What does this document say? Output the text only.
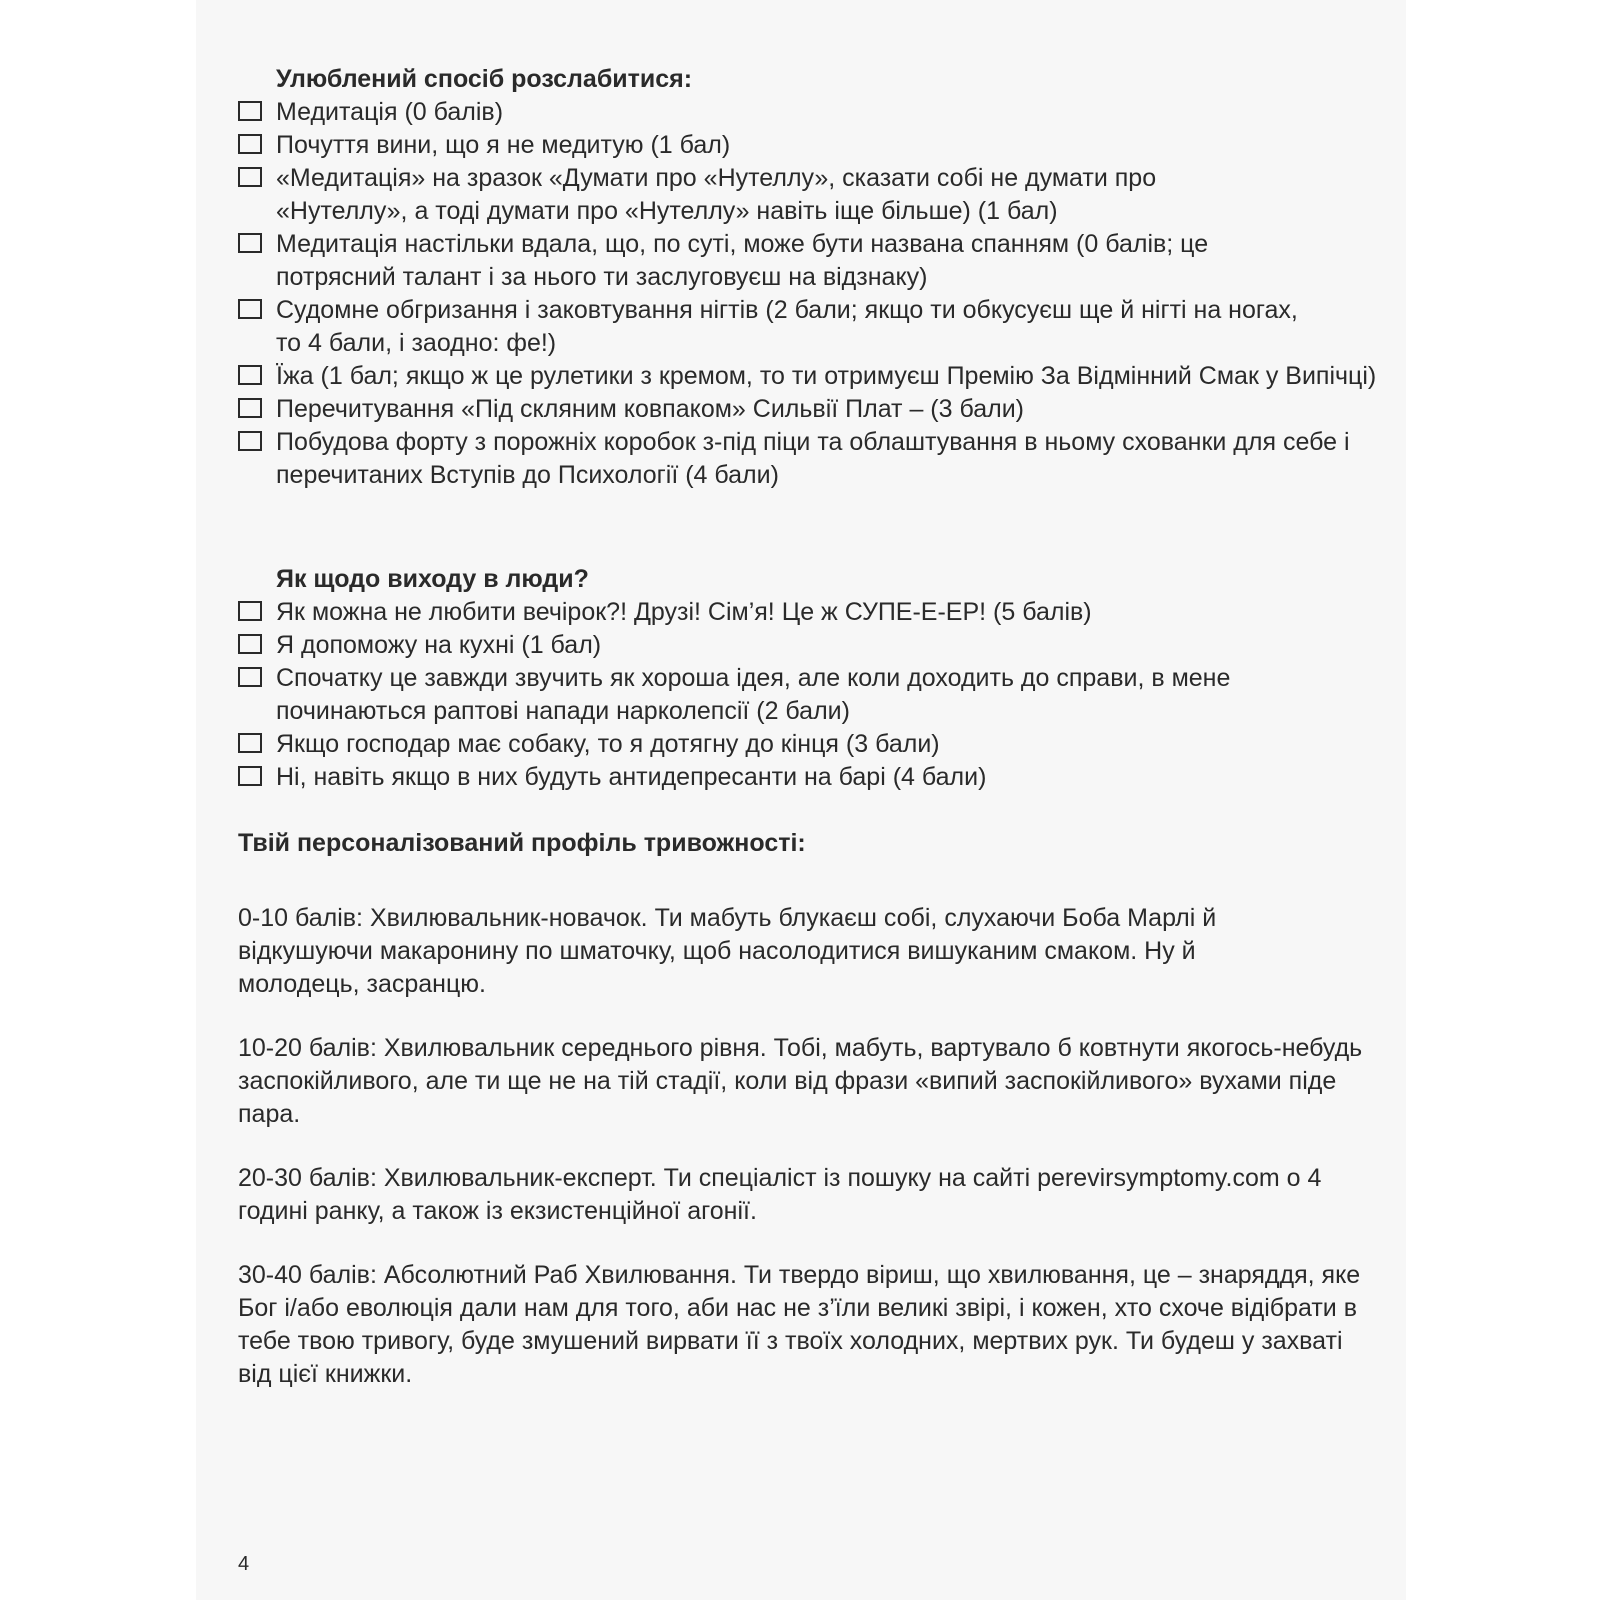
Улюблений спосіб розслабитися:

Медитація (0 балів)
Почуття вини, що я не медитую (1 бал)
«Медитація» на зразок «Думати про «Нутеллу», сказати собі не думати про «Нутеллу», а тоді думати про «Нутеллу» навіть іще більше) (1 бал)
Медитація настільки вдала, що, по суті, може бути названа спанням (0 балів; це потрясний талант і за нього ти заслуговуєш на відзнаку)
Судомне обгризання і заковтування нігтів (2 бали; якщо ти обкусуєш ще й нігті на ногах, то 4 бали, і заодно: фе!)
Їжа (1 бал; якщо ж це рулетики з кремом, то ти отримуєш Премію За Відмінний Смак у Випічці)
Перечитування «Під скляним ковпаком» Сильвії Плат – (3 бали)
Побудова форту з порожніх коробок з-під піци та облаштування в ньому схованки для себе і перечитаних Вступів до Психології (4 бали)

Як щодо виходу в люди?

Як можна не любити вечірок?! Друзі! Сім’я! Це ж СУПЕ-Е-ЕР! (5 балів)
Я допоможу на кухні (1 бал)
Спочатку це завжди звучить як хороша ідея, але коли доходить до справи, в мене починаються раптові напади нарколепсії (2 бали)
Якщо господар має собаку, то я дотягну до кінця (3 бали)
Ні, навіть якщо в них будуть антидепресанти на барі (4 бали)

Твій персоналізований профіль тривожності:

0-10 балів: Хвилювальник-новачок. Ти мабуть блукаєш собі, слухаючи Боба Марлі й відкушуючи макаронину по шматочку, щоб насолодитися вишуканим смаком. Ну й молодець, засранцю.

10-20 балів: Хвилювальник середнього рівня. Тобі, мабуть, вартувало б ковтнути якогось-небудь заспокійливого, але ти ще не на тій стадії, коли від фрази «випий заспокійливого» вухами піде пара.

20-30 балів: Хвилювальник-експерт. Ти спеціаліст із пошуку на сайті perevirsymptomy.com о 4 годині ранку, а також із екзистенційної агонії.

30-40 балів: Абсолютний Раб Хвилювання. Ти твердо віриш, що хвилювання, це – знаряддя, яке Бог і/або еволюція дали нам для того, аби нас не з’їли великі звірі, і кожен, хто схоче відібрати в тебе твою тривогу, буде змушений вирвати її з твоїх холодних, мертвих рук. Ти будеш у захваті від цієї книжки.

4
